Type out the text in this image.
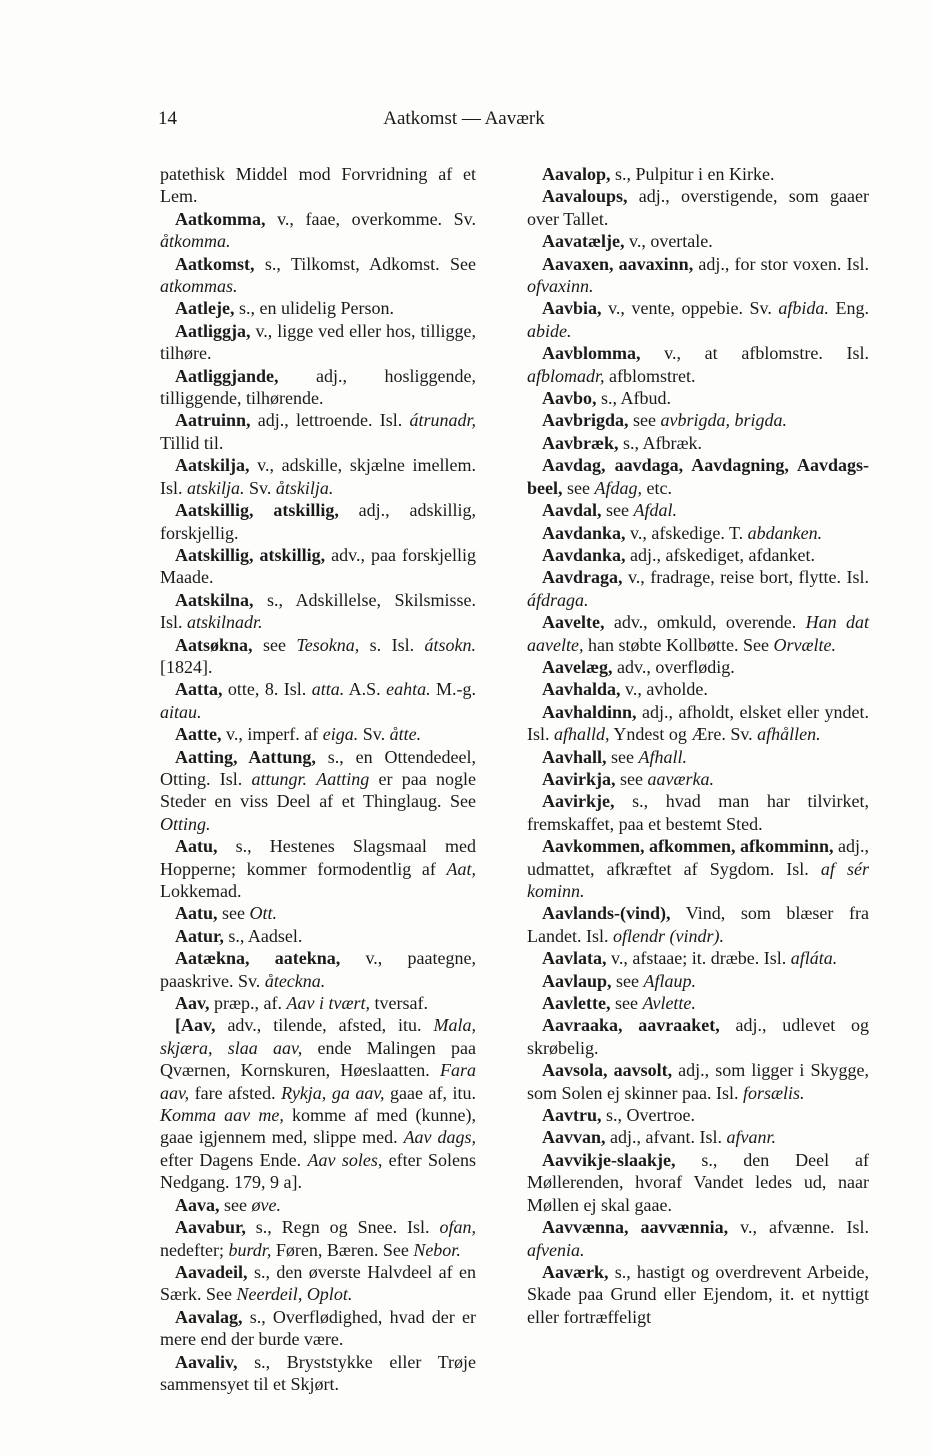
14	Aatkomst — Aaværk

patethisk Middel mod Forvridning af et Lem.

Aatkomma, v., faae, overkomme. Sv. åtkomma.

Aatkomst, s., Tilkomst, Adkomst. See atkommas.

Aatleje, s., en ulidelig Person.

Aatliggja, v., ligge ved eller hos, tilligge, tilhøre.

Aatliggjande, adj., hosliggende, tilliggende, tilhørende.

Aatruinn, adj., lettroende. Isl. átrunadr, Tillid til.

Aatskilja, v., adskille, skjælne imellem. Isl. atskilja. Sv. åtskilja.

Aatskillig, atskillig, adj., adskillig, forskjellig.

Aatskillig, atskillig, adv., paa forskjellig Maade.

Aatskilna, s., Adskillelse, Skilsmisse. Isl. atskilnadr.

Aatsøkna, see Tesokna, s. Isl. átsokn. [1824].

Aatta, otte, 8. Isl. atta. A.S. eahta. M.-g. aitau.

Aatte, v., imperf. af eiga. Sv. åtte.

Aatting, Aattung, s., en Ottendedeel, Otting. Isl. attungr. Aatting er paa nogle Steder en viss Deel af et Thinglaug. See Otting.

Aatu, s., Hestenes Slagsmaal med Hopperne; kommer formodentlig af Aat, Lokkemad.

Aatu, see Ott.

Aatur, s., Aadsel.

Aatækna, aatekna, v., paategne, paaskrive. Sv. åteckna.

Aav, præp., af. Aav i tvært, tversaf.

[Aav, adv., tilende, afsted, itu. Mala, skjæra, slaa aav, ende Malingen paa Qværnen, Kornskuren, Høeslaatten. Fara aav, fare afsted. Rykja, ga aav, gaae af, itu. Komma aav me, komme af med (kunne), gaae igjennem med, slippe med. Aav dags, efter Dagens Ende. Aav soles, efter Solens Nedgang. 179, 9 a].

Aava, see øve.

Aavabur, s., Regn og Snee. Isl. ofan, nedefter; burdr, Føren, Bæren. See Nebor.

Aavadeil, s., den øverste Halvdeel af en Særk. See Neerdeil, Oplot.

Aavalag, s., Overflødighed, hvad der er mere end der burde være.

Aavaliv, s., Bryststykke eller Trøje sammensyet til et Skjørt.

Aavalop, s., Pulpitur i en Kirke.

Aavaloups, adj., overstigende, som gaaer over Tallet.

Aavatælje, v., overtale.

Aavaxen, aavaxinn, adj., for stor voxen. Isl. ofvaxinn.

Aavbia, v., vente, oppebie. Sv. afbida. Eng. abide.

Aavblomma, v., at afblomstre. Isl. afblomadr, afblomstret.

Aavbo, s., Afbud.

Aavbrigda, see avbrigda, brigda.

Aavbræk, s., Afbræk.

Aavdag, aavdaga, Aavdagning, Aavdags-beel, see Afdag, etc.

Aavdal, see Afdal.

Aavdanka, v., afskedige. T. abdanken.

Aavdanka, adj., afskediget, afdanket.

Aavdraga, v., fradrage, reise bort, flytte. Isl. áfdraga.

Aavelte, adv., omkuld, overende. Han dat aavelte, han støbte Kollbøtte. See Orvælte.

Aavelæg, adv., overflødig.

Aavhalda, v., avholde.

Aavhaldinn, adj., afholdt, elsket eller yndet. Isl. afhalld, Yndest og Ære. Sv. afhållen.

Aavhall, see Afhall.

Aavirkja, see aaværka.

Aavirkje, s., hvad man har tilvirket, fremskaffet, paa et bestemt Sted.

Aavkommen, afkommen, afkomminn, adj., udmattet, afkræftet af Sygdom. Isl. af sér kominn.

Aavlands-(vind), Vind, som blæser fra Landet. Isl. oflendr (vindr).

Aavlata, v., afstaae; it. dræbe. Isl. afláta.

Aavlaup, see Aflaup.

Aavlette, see Avlette.

Aavraaka, aavraaket, adj., udlevet og skrøbelig.

Aavsola, aavsolt, adj., som ligger i Skygge, som Solen ej skinner paa. Isl. forsælis.

Aavtru, s., Overtroe.

Aavvan, adj., afvant. Isl. afvanr.

Aavvikje-slaakje, s., den Deel af Møllerenden, hvoraf Vandet ledes ud, naar Møllen ej skal gaae.

Aavvænna, aavvænnia, v., afvænne. Isl. afvenia.

Aaværk, s., hastigt og overdrevent Arbeide, Skade paa Grund eller Ejendom, it. et nyttigt eller fortræffeligt
